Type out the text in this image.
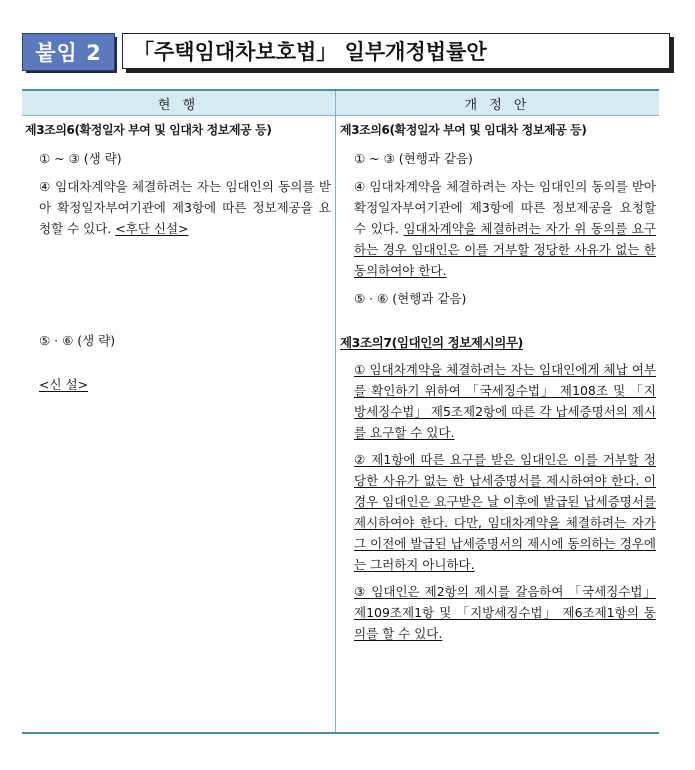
붙임 2	「주택임대차보호법」 일부개정법률안
현 행	개 정 안
제3조의6(확정일자 부여 및 임대차 정보제공 등)

① ~ ③ (생 략)

④ 임대차계약을 체결하려는 자는 임대인의 동의를 받아 확정일자부여기관에 제3항에 따른 정보제공을 요청할 수 있다. <후단 신설>

⑤ · ⑥ (생 략)

<신 설>

제3조의6(확정일자 부여 및 임대차 정보제공 등)

① ~ ③ (현행과 같음)

④ 임대차계약을 체결하려는 자는 임대인의 동의를 받아 확정일자부여기관에 제3항에 따른 정보제공을 요청할 수 있다. 임대차계약을 체결하려는 자가 위 동의를 요구하는 경우 임대인은 이를 거부할 정당한 사유가 없는 한 동의하여야 한다.

⑤ · ⑥ (현행과 같음)

제3조의7(임대인의 정보제시의무)

① 임대차계약을 체결하려는 자는 임대인에게 체납 여부를 확인하기 위하여 「국세징수법」 제108조 및 「지방세징수법」 제5조제2항에 따른 각 납세증명서의 제시를 요구할 수 있다.

② 제1항에 따른 요구를 받은 임대인은 이를 거부할 정당한 사유가 없는 한 납세증명서를 제시하여야 한다. 이 경우 임대인은 요구받은 날 이후에 발급된 납세증명서를 제시하여야 한다. 다만, 임대차계약을 체결하려는 자가 그 이전에 발급된 납세증명서의 제시에 동의하는 경우에는 그러하지 아니하다.

③ 임대인은 제2항의 제시를 갈음하여 「국세징수법」 제109조제1항 및 「지방세징수법」 제6조제1항의 동의를 할 수 있다.
